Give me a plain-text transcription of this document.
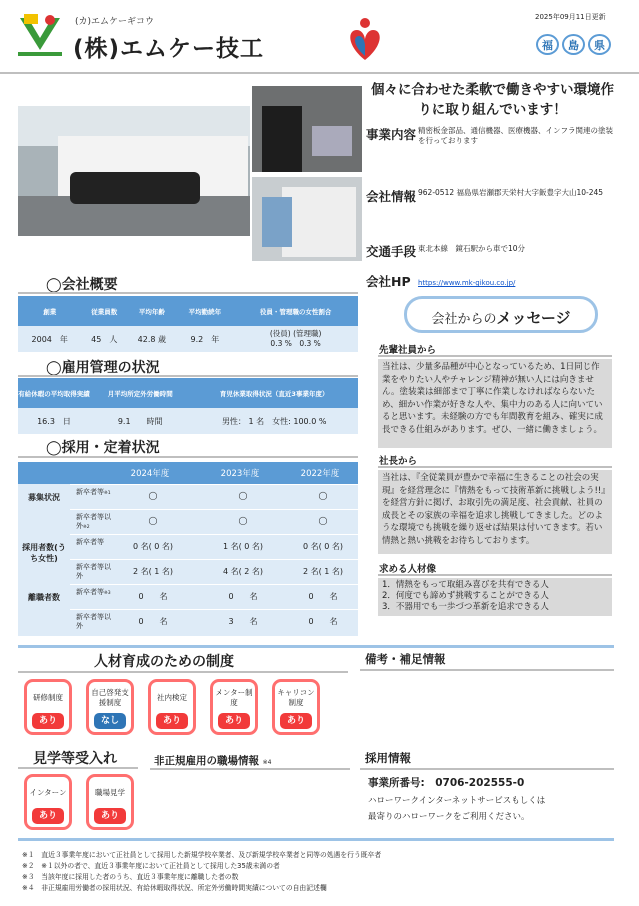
(カ)エムケーギコウ
(株)エムケー技工
2025年09月11日更新
福	島	県
個々に合わせた柔軟で働きやすい環境作りに取り組んでいます！
事業内容 精密板金部品、通信機器、医療機器、インフラ関連の塗装を行っております
会社情報 962-0512 福島県岩瀬郡天栄村大字飯豊字大山10-245
交通手段 東北本線　鏡石駅から車で10分
会社HP https://www.mk-gikou.co.jp/
◯会社概要
創業	従業員数	平均年齢	平均勤続年	役員・管理職の女性割合
2004　 年	45　 人	42.8 歳	9.2　 年	(役員) (管理職)
0.3 %　 0.3 %
◯雇用管理の状況
有給休暇の平均取得実績	月平均所定外労働時間	育児休業取得状況（直近3事業年度）
16.3　 日	9.1　　 時間	男性： 1 名　 女性: 100.0 %
◯採用・定着状況
2024年度	2023年度	2022年度
募集状況
新卒者等※1	◯	◯	◯
新卒者等以外※2
◯	◯	◯
採用者数(うち女性)
新卒者等	0 名( 0 名)	1 名( 0 名)	0 名( 0 名)
新卒者等以外	2 名( 1 名)	4 名( 2 名)	2 名( 1 名)
離職者数
新卒者等※3	0　　名	0　　名	0　　名
新卒者等以外	0　　名	3　　名	0　　名
会社からのメッセージ
先輩社員から
当社は、少量多品種が中心となっているため、1日同じ作業をやりたい人やチャレンジ精神が無い人には向きません。塗装業は細部まで丁寧に作業しなければならないため、細かい作業が好きな人や、集中力のある人に向いていると思います。未経験の方でも年間教育を組み、確実に成長できる仕組みがあります。ぜひ、一緒に働きましょう。
社長から
当社は、『全従業員が豊かで幸福に生きることの社会の実現』を経営理念に『情熱をもって技術革新に挑戦しよう!!』を経営方針に掲げ、お取引先の満足度、社会貢献、社員の成長とその家族の幸福を追求し挑戦してきました。どのような環境でも挑戦を繰り返せば結果は付いてきます。若い情熱と熱い挑戦をお待ちしております。
求める人材像
1．情熱をもって取組み喜びを共有できる人
2．何度でも諦めず挑戦することができる人
3．不器用でも一歩づつ革新を追求できる人
人材育成のための制度
研修制度
あり
自己啓発支援制度
なし
社内検定
あり
メンター制度
あり
キャリコン制度
あり
備考・補足情報
見学等受入れ
インターン
あり
職場見学
あり
非正規雇用の職場情報 ※4	採用情報
事業所番号:　 0706-202555-0
ハローワークインターネットサービスもしくは
最寄りのハローワークをご利用ください。
※１　直近３事業年度において正社員として採用した新規学校卒業者、及び新規学校卒業者と同等の処遇を行う既卒者
※２　※１以外の者で、直近３事業年度において正社員として採用した35歳未満の者
※３　当該年度に採用した者のうち、直近３事業年度に離職した者の数
※４　非正規雇用労働者の採用状況、有給休暇取得状況、所定外労働時間実績についての自由記述欄
